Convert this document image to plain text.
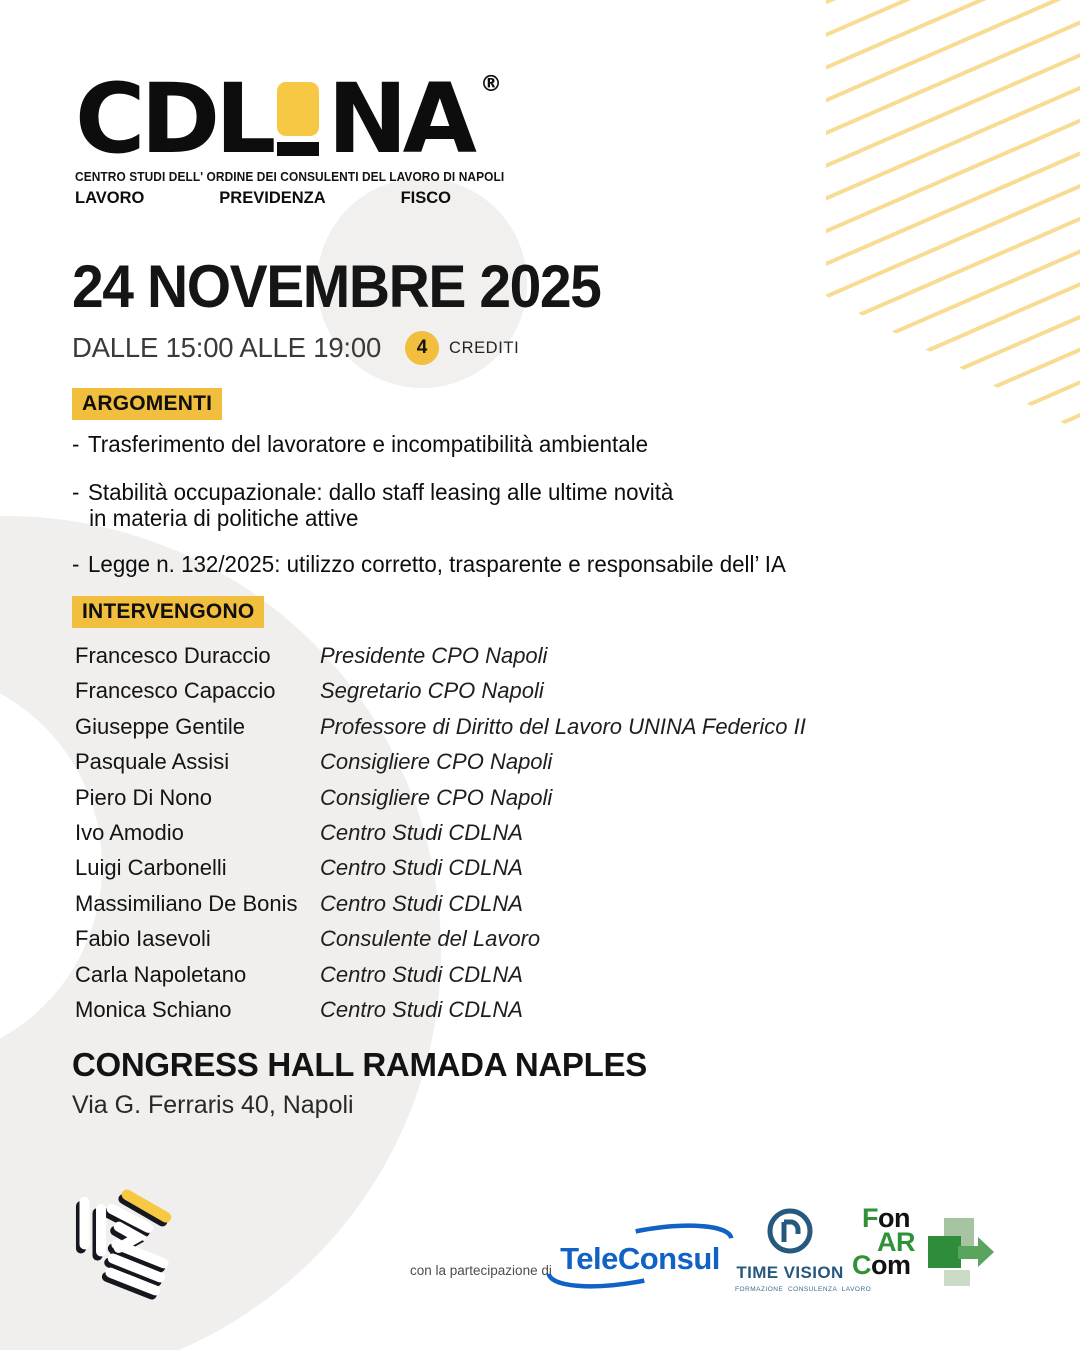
CDL NA ®
CENTRO STUDI DELL' ORDINE DEI CONSULENTI DEL LAVORO DI NAPOLI
LAVORO	PREVIDENZA	FISCO
24 NOVEMBRE 2025
DALLE 15:00 ALLE 19:00	4	CREDITI
ARGOMENTI
- Trasferimento del lavoratore e incompatibilità ambientale
- Stabilità occupazionale: dallo staff leasing alle ultime novità
in materia di politiche attive
- Legge n. 132/2025: utilizzo corretto, trasparente e responsabile dell’ IA
INTERVENGONO
Francesco Duraccio	Presidente CPO Napoli
Francesco Capaccio	Segretario CPO Napoli
Giuseppe Gentile	Professore di Diritto del Lavoro UNINA Federico II
Pasquale Assisi	Consigliere CPO Napoli
Piero Di Nono	Consigliere CPO Napoli
Ivo Amodio	Centro Studi CDLNA
Luigi Carbonelli	Centro Studi CDLNA
Massimiliano De Bonis	Centro Studi CDLNA
Fabio Iasevoli	Consulente del Lavoro
Carla Napoletano	Centro Studi CDLNA
Monica Schiano	Centro Studi CDLNA
CONGRESS HALL RAMADA NAPLES
Via G. Ferraris 40, Napoli
con la partecipazione di TeleConsul TIME VISION
FORMAZIONE  CONSULENZA  LAVORO
Fon
AR
Com
